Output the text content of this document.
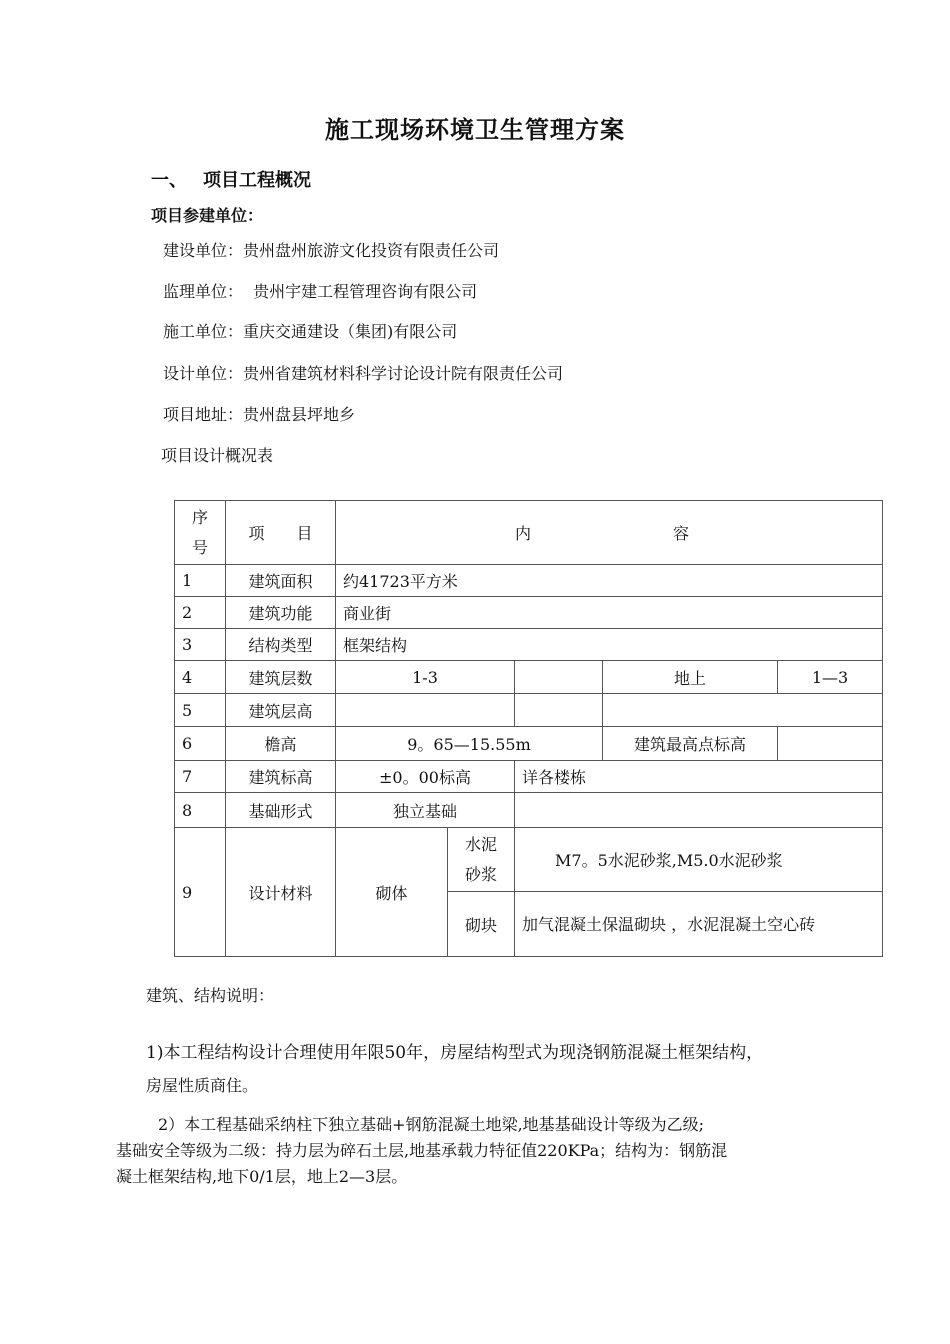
施工现场环境卫生管理方案
一、 项目工程概况
项目参建单位：
建设单位：贵州盘州旅游文化投资有限责任公司
监理单位：  贵州宇建工程管理咨询有限公司
施工单位：重庆交通建设（集团)有限公司
设计单位：贵州省建筑材料科学讨论设计院有限责任公司
项目地址：贵州盘县坪地乡
项目设计概况表
序号	项　　目	内 容				
1	建筑面积	约41723平方米				
2	建筑功能	商业街				
3	结构类型	框架结构				
4	建筑层数	1-3			地上	1—3
5	建筑层高					
6	檐高	9。65—15.55m			建筑最高点标高	
7	建筑标高	±0。00标高		详各楼栋		
8	基础形式	独立基础				
9	设计材料	砌体	水泥砂浆	M7。5水泥砂浆,M5.0水泥砂浆		
			砌块	加气混凝土保温砌块 ，水泥混凝土空心砖		
建筑、结构说明：
1)本工程结构设计合理使用年限50年，房屋结构型式为现浇钢筋混凝土框架结构，
房屋性质商住。
2）本工程基础采纳柱下独立基础+钢筋混凝土地梁,地基基础设计等级为乙级;
基础安全等级为二级：持力层为碎石土层,地基承载力特征值220KPa；结构为：钢筋混
凝土框架结构,地下0/1层，地上2—3层。
